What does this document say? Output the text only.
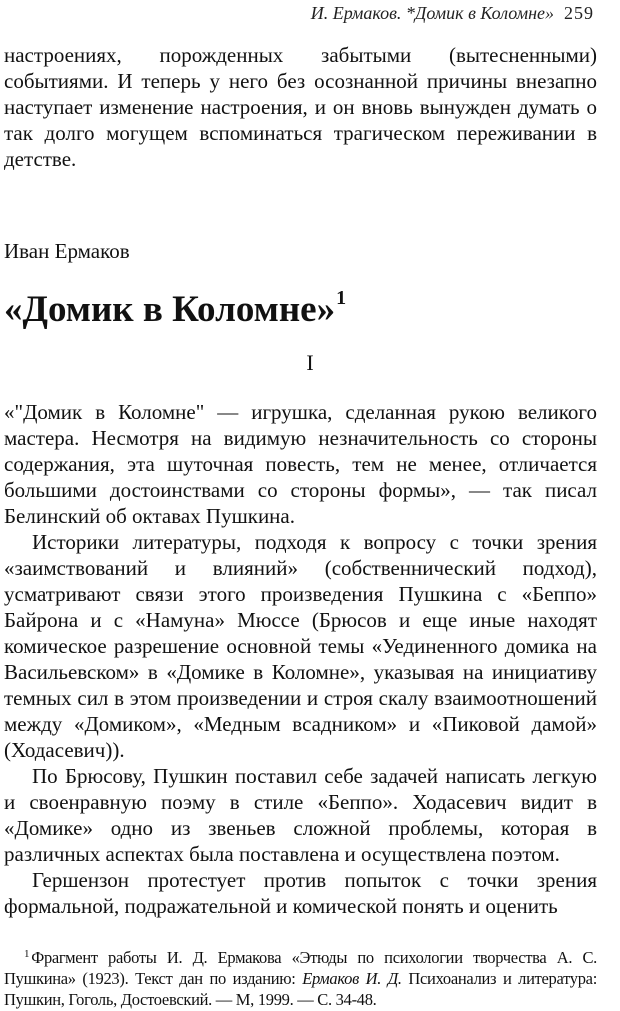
И. Ермаков. *Домик в Коломне» 259

настроениях, порожденных забытыми (вытесненными) событиями. И теперь у него без осознанной причины внезапно наступает изменение настроения, и он вновь вынужден думать о так долго могущем вспоминаться трагическом переживании в детстве.

Иван Ермаков
«Домик в Коломне»$^1$
I

«"Домик в Коломне" — игрушка, сделанная рукою великого мастера. Несмотря на видимую незначительность со стороны содержания, эта шуточная повесть, тем не менее, отличается большими достоинствами со стороны формы», — так писал Белинский об октавах Пушкина.

Историки литературы, подходя к вопросу с точки зрения «заимствований и влияний» (собственнический подход), усматривают связи этого произведения Пушкина с «Беппо» Байрона и с «Намуна» Мюссе (Брюсов и еще иные находят комическое разрешение основной темы «Уединенного домика на Васильевском» в «Домике в Коломне», указывая на инициативу темных сил в этом произведении и строя скалу взаимоотношений между «Домиком», «Медным всадником» и «Пиковой дамой» (Ходасевич)).

По Брюсову, Пушкин поставил себе задачей написать легкую и своенравную поэму в стиле «Беппо». Ходасевич видит в «Домике» одно из звеньев сложной проблемы, которая в различных аспектах была поставлена и осуществлена поэтом.

Гершензон протестует против попыток с точки зрения формальной, подражательной и комической понять и оценить

$^1$ Фрагмент работы И. Д. Ермакова «Этюды по психологии творчества А. С. Пушкина» (1923). Текст дан по изданию: Ермаков И. Д. Психоанализ и литература: Пушкин, Гоголь, Достоевский. — М, 1999. — С. 34-48.
